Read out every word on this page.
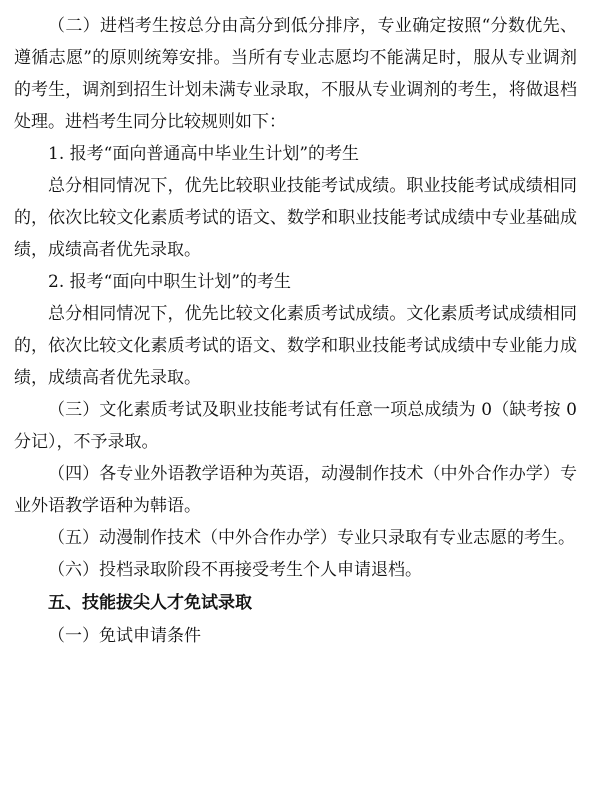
（二）进档考生按总分由高分到低分排序，专业确定按照“分数优先、遵循志愿”的原则统筹安排。当所有专业志愿均不能满足时，服从专业调剂的考生，调剂到招生计划未满专业录取，不服从专业调剂的考生，将做退档处理。进档考生同分比较规则如下：

1. 报考“面向普通高中毕业生计划”的考生

总分相同情况下，优先比较职业技能考试成绩。职业技能考试成绩相同的，依次比较文化素质考试的语文、数学和职业技能考试成绩中专业基础成绩，成绩高者优先录取。

2. 报考“面向中职生计划”的考生

总分相同情况下，优先比较文化素质考试成绩。文化素质考试成绩相同的，依次比较文化素质考试的语文、数学和职业技能考试成绩中专业能力成绩，成绩高者优先录取。

（三）文化素质考试及职业技能考试有任意一项总成绩为 0（缺考按 0 分记），不予录取。

（四）各专业外语教学语种为英语，动漫制作技术（中外合作办学）专业外语教学语种为韩语。

（五）动漫制作技术（中外合作办学）专业只录取有专业志愿的考生。

（六）投档录取阶段不再接受考生个人申请退档。

五、技能拔尖人才免试录取

（一）免试申请条件
